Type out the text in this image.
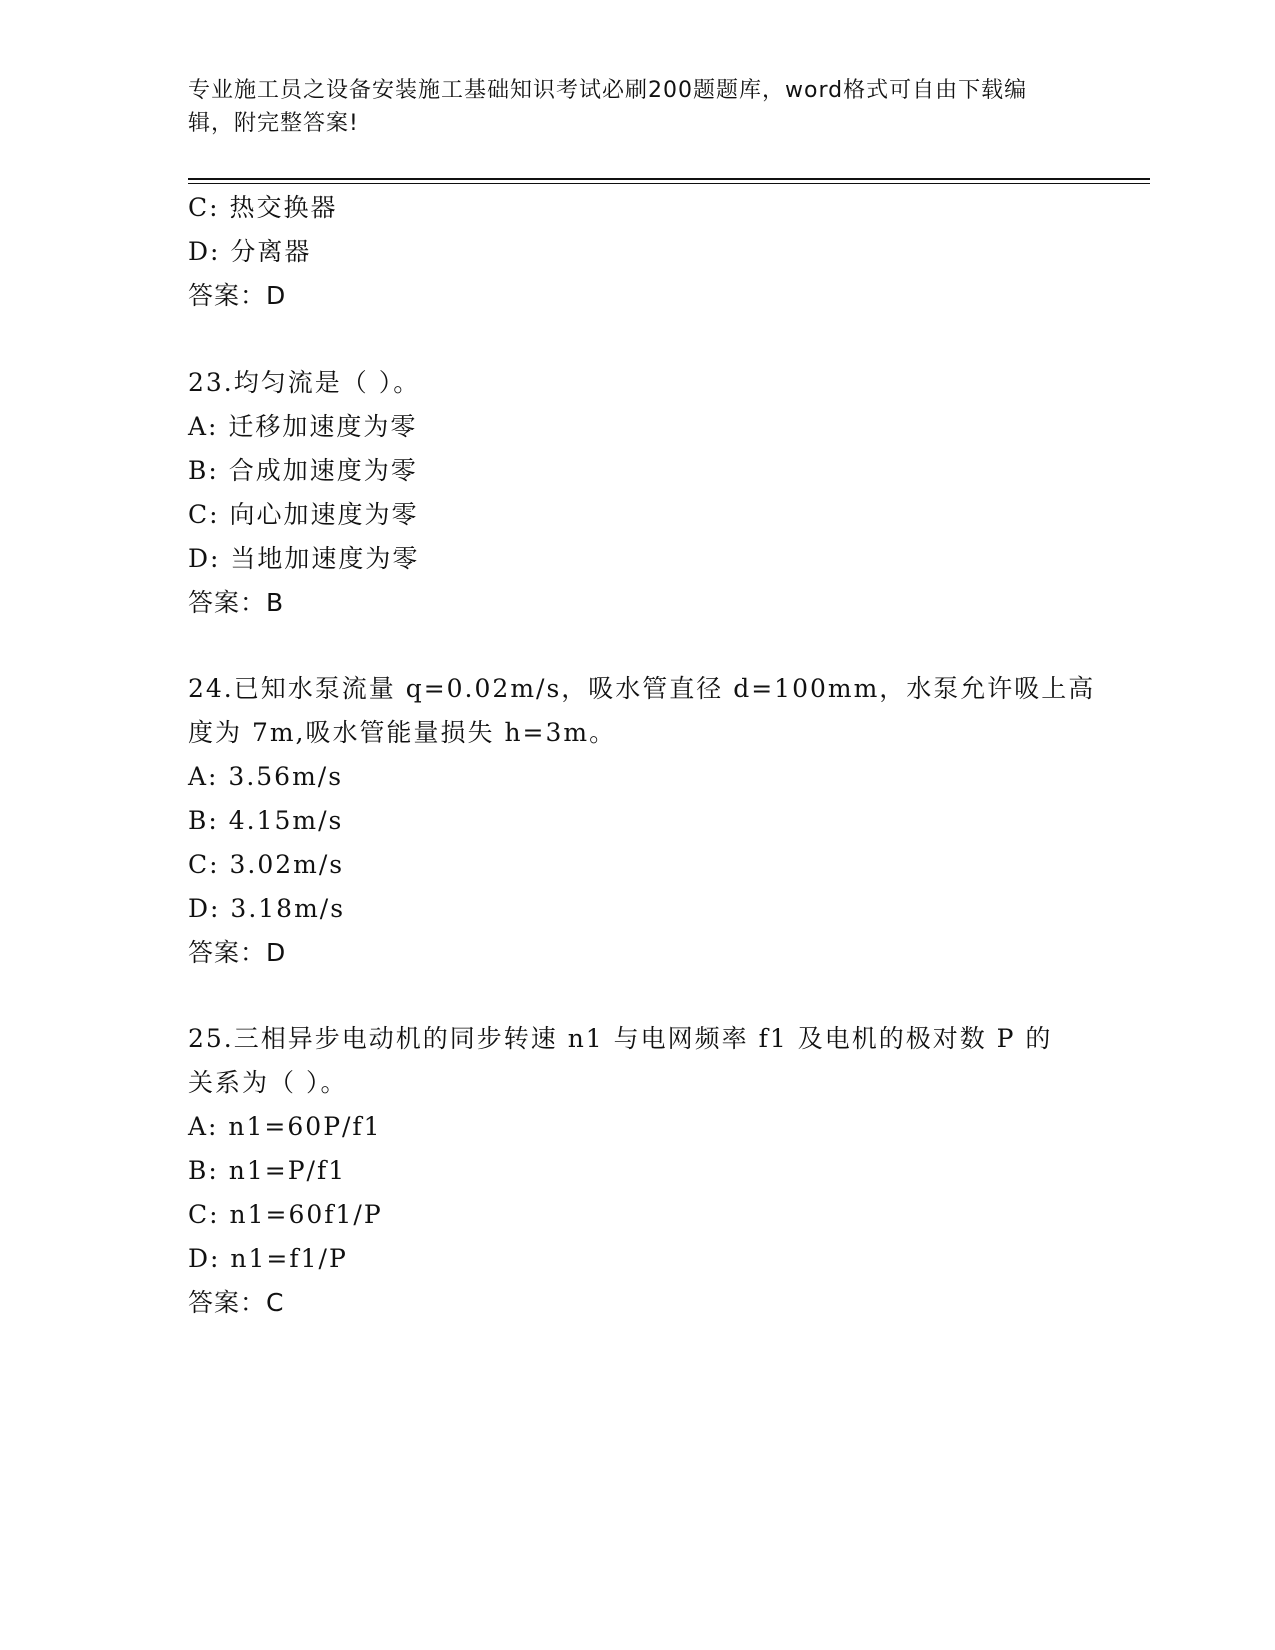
专业施工员之设备安装施工基础知识考试必刷200题题库，word格式可自由下载编辑，附完整答案!
C: 热交换器
D: 分离器
答案：D
23.均匀流是（ ）。
A: 迁移加速度为零
B: 合成加速度为零
C: 向心加速度为零
D: 当地加速度为零
答案：B
24.已知水泵流量 q=0.02m/s，吸水管直径 d=100mm，水泵允许吸上高
度为 7m,吸水管能量损失 h=3m。
A: 3.56m/s
B: 4.15m/s
C: 3.02m/s
D: 3.18m/s
答案：D
25.三相异步电动机的同步转速 n1 与电网频率 f1 及电机的极对数 P 的
关系为（ ）。
A: n1=60P/f1
B: n1=P/f1
C: n1=60f1/P
D: n1=f1/P
答案：C
